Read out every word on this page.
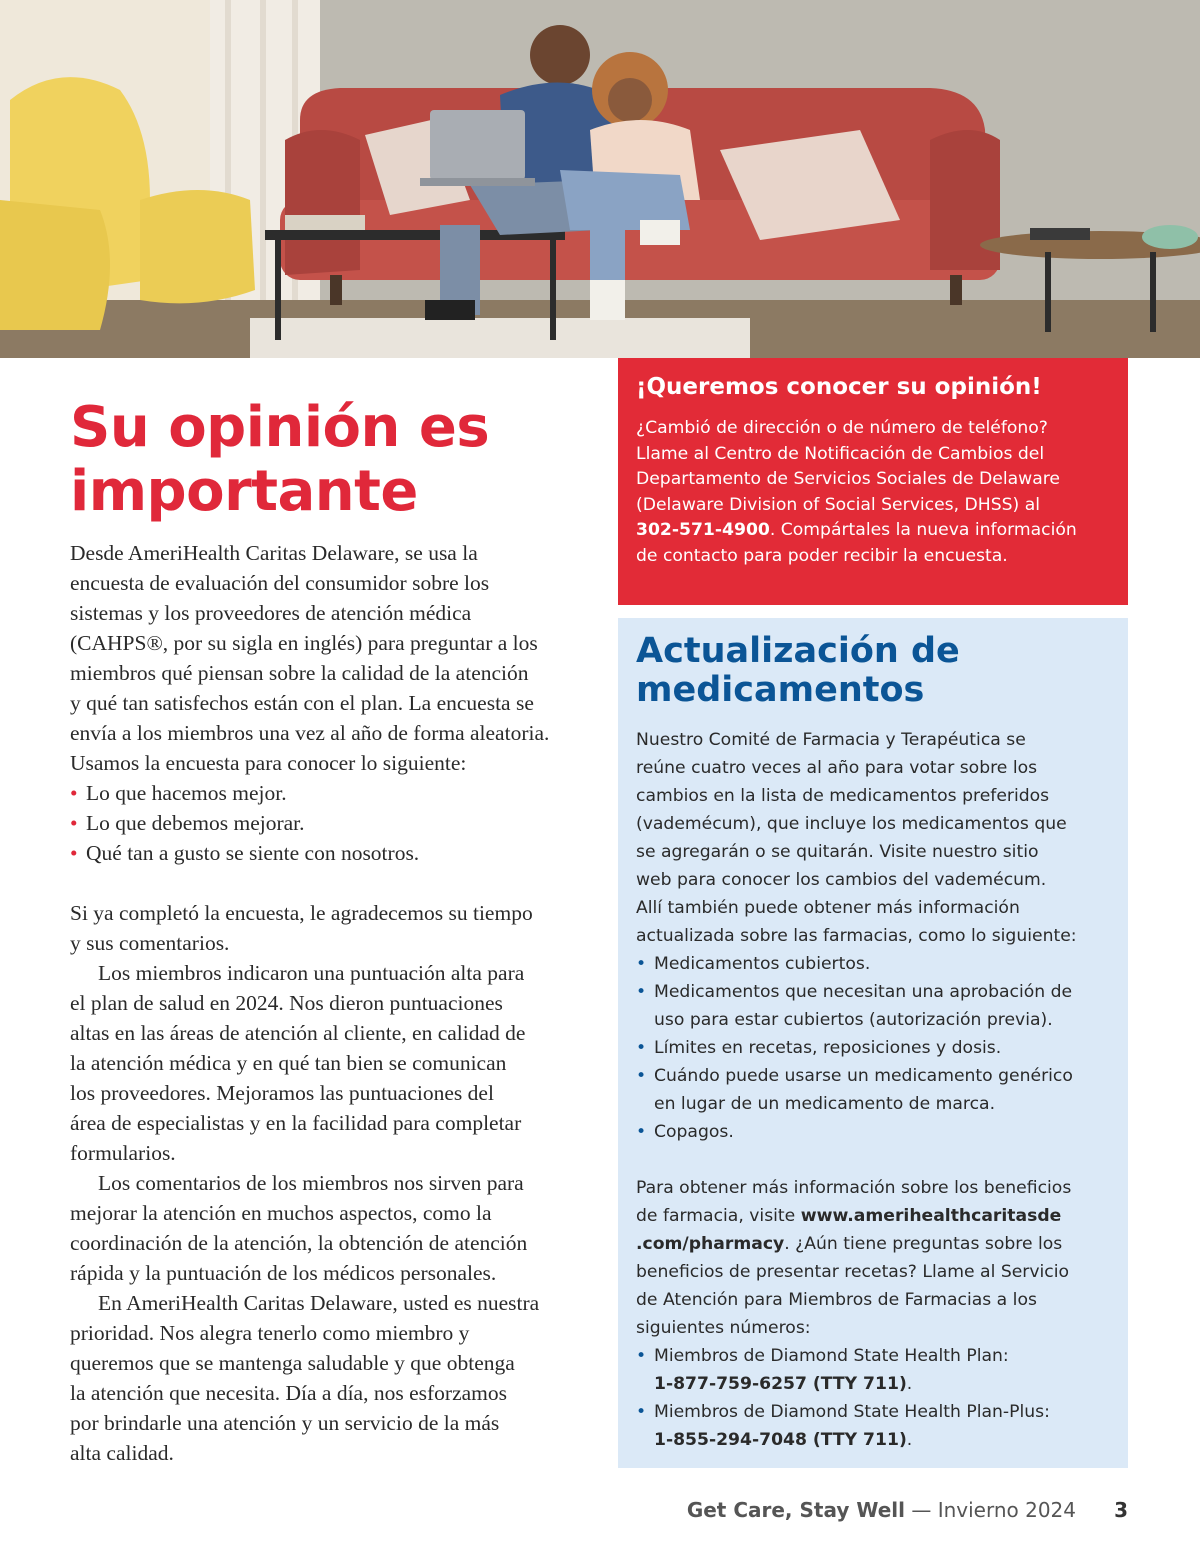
Su opinión es
importante
Desde AmeriHealth Caritas Delaware, se usa la
encuesta de evaluación del consumidor sobre los
sistemas y los proveedores de atención médica
(CAHPS®, por su sigla en inglés) para preguntar a los
miembros qué piensan sobre la calidad de la atención
y qué tan satisfechos están con el plan. La encuesta se
envía a los miembros una vez al año de forma aleatoria.
Usamos la encuesta para conocer lo siguiente:
• Lo que hacemos mejor.
• Lo que debemos mejorar.
• Qué tan a gusto se siente con nosotros.
Si ya completó la encuesta, le agradecemos su tiempo
y sus comentarios.
Los miembros indicaron una puntuación alta para
el plan de salud en 2024. Nos dieron puntuaciones
altas en las áreas de atención al cliente, en calidad de
la atención médica y en qué tan bien se comunican
los proveedores. Mejoramos las puntuaciones del
área de especialistas y en la facilidad para completar
formularios.
Los comentarios de los miembros nos sirven para
mejorar la atención en muchos aspectos, como la
coordinación de la atención, la obtención de atención
rápida y la puntuación de los médicos personales.
En AmeriHealth Caritas Delaware, usted es nuestra
prioridad. Nos alegra tenerlo como miembro y
queremos que se mantenga saludable y que obtenga
la atención que necesita. Día a día, nos esforzamos
por brindarle una atención y un servicio de la más
alta calidad.
¡Queremos conocer su opinión!
¿Cambió de dirección o de número de teléfono?
Llame al Centro de Notificación de Cambios del
Departamento de Servicios Sociales de Delaware
(Delaware Division of Social Services, DHSS) al
302-571-4900. Compártales la nueva información
de contacto para poder recibir la encuesta.
Actualización de
medicamentos
Nuestro Comité de Farmacia y Terapéutica se
reúne cuatro veces al año para votar sobre los
cambios en la lista de medicamentos preferidos
(vademécum), que incluye los medicamentos que
se agregarán o se quitarán. Visite nuestro sitio
web para conocer los cambios del vademécum.
Allí también puede obtener más información
actualizada sobre las farmacias, como lo siguiente:
• Medicamentos cubiertos.
• Medicamentos que necesitan una aprobación de
uso para estar cubiertos (autorización previa).
• Límites en recetas, reposiciones y dosis.
• Cuándo puede usarse un medicamento genérico
en lugar de un medicamento de marca.
• Copagos.
Para obtener más información sobre los beneficios
de farmacia, visite www.amerihealthcaritasde
.com/pharmacy. ¿Aún tiene preguntas sobre los
beneficios de presentar recetas? Llame al Servicio
de Atención para Miembros de Farmacias a los
siguientes números:
• Miembros de Diamond State Health Plan:
1-877-759-6257 (TTY 711).
• Miembros de Diamond State Health Plan-Plus:
1-855-294-7048 (TTY 711).
Get Care, Stay Well — Invierno 2024 3
